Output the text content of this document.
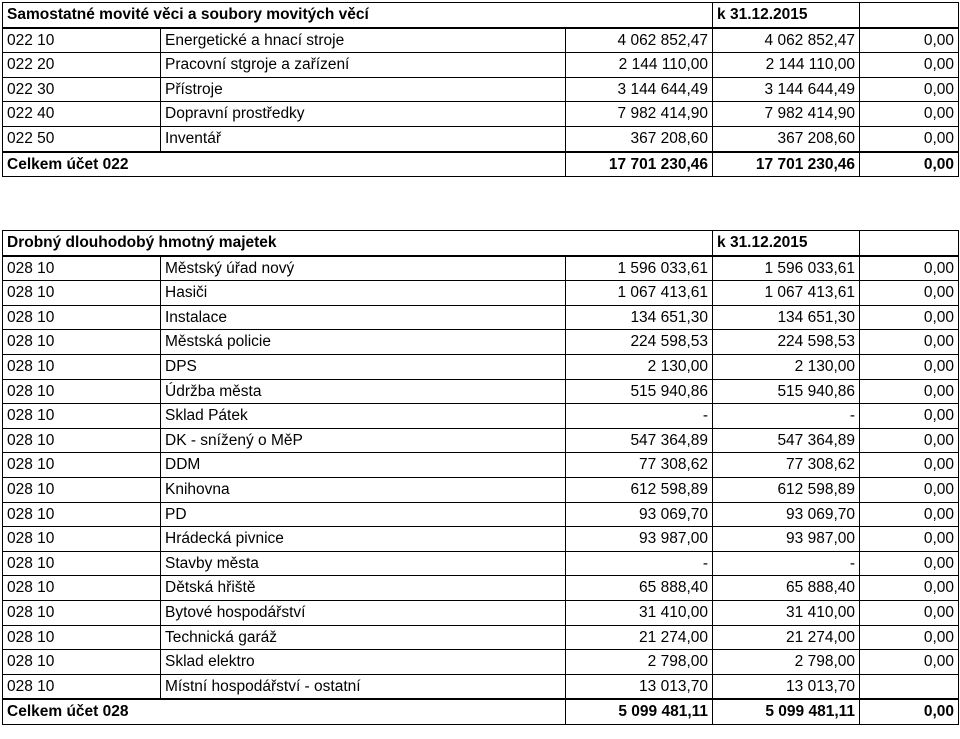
Samostatné movité věci a soubory movitých věcí			k 31.12.2015	
022 10	Energetické a hnací stroje	4 062 852,47	4 062 852,47	0,00
022 20	Pracovní stgroje a zařízení	2 144 110,00	2 144 110,00	0,00
022 30	Přístroje	3 144 644,49	3 144 644,49	0,00
022 40	Dopravní prostředky	7 982 414,90	7 982 414,90	0,00
022 50	Inventář	367 208,60	367 208,60	0,00
Celkem účet 022		17 701 230,46	17 701 230,46	0,00
Drobný dlouhodobý hmotný majetek			k 31.12.2015	
028 10	Městský úřad nový	1 596 033,61	1 596 033,61	0,00
028 10	Hasiči	1 067 413,61	1 067 413,61	0,00
028 10	Instalace	134 651,30	134 651,30	0,00
028 10	Městská policie	224 598,53	224 598,53	0,00
028 10	DPS	2 130,00	2 130,00	0,00
028 10	Údržba města	515 940,86	515 940,86	0,00
028 10	Sklad Pátek	-	-	0,00
028 10	DK - snížený o MěP	547 364,89	547 364,89	0,00
028 10	DDM	77 308,62	77 308,62	0,00
028 10	Knihovna	612 598,89	612 598,89	0,00
028 10	PD	93 069,70	93 069,70	0,00
028 10	Hrádecká pivnice	93 987,00	93 987,00	0,00
028 10	Stavby města	-	-	0,00
028 10	Dětská hřiště	65 888,40	65 888,40	0,00
028 10	Bytové hospodářství	31 410,00	31 410,00	0,00
028 10	Technická garáž	21 274,00	21 274,00	0,00
028 10	Sklad elektro	2 798,00	2 798,00	0,00
028 10	Místní hospodářství - ostatní	13 013,70	13 013,70	
Celkem účet 028		5 099 481,11	5 099 481,11	0,00
